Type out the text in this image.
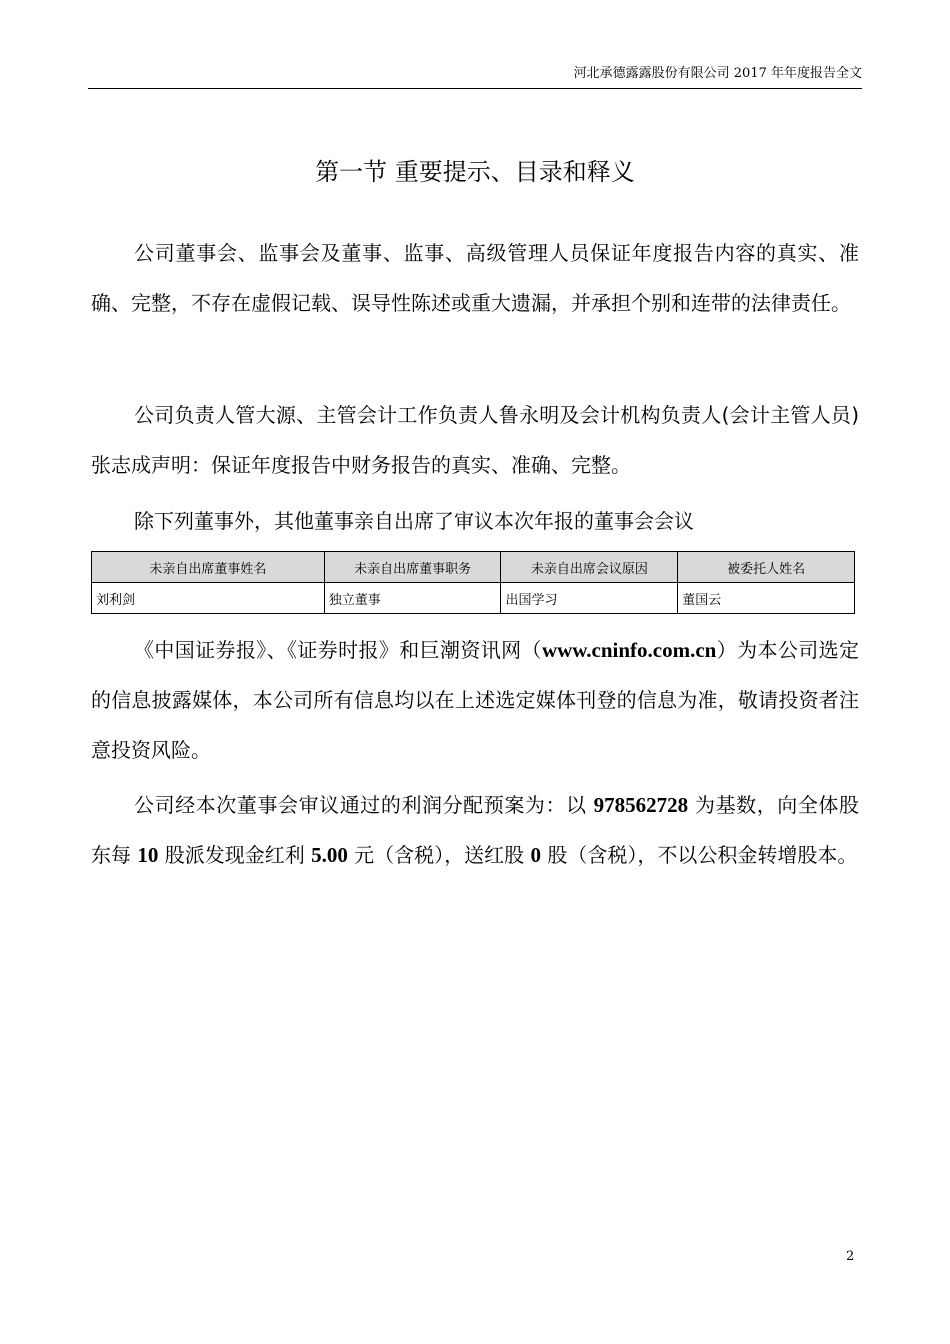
河北承德露露股份有限公司 2017 年年度报告全文
第一节 重要提示、目录和释义

公司董事会、监事会及董事、监事、高级管理人员保证年度报告内容的真实、准确、完整，不存在虚假记载、误导性陈述或重大遗漏，并承担个别和连带的法律责任。

公司负责人管大源、主管会计工作负责人鲁永明及会计机构负责人(会计主管人员)张志成声明：保证年度报告中财务报告的真实、准确、完整。

除下列董事外，其他董事亲自出席了审议本次年报的董事会会议

未亲自出席董事姓名	未亲自出席董事职务	未亲自出席会议原因	被委托人姓名
刘利剑	独立董事	出国学习	董国云

《中国证券报》、《证券时报》和巨潮资讯网（www.cninfo.com.cn）为本公司选定的信息披露媒体，本公司所有信息均以在上述选定媒体刊登的信息为准，敬请投资者注意投资风险。

公司经本次董事会审议通过的利润分配预案为：以 978562728 为基数，向全体股东每 10 股派发现金红利 5.00 元（含税），送红股 0 股（含税），不以公积金转增股本。

2
